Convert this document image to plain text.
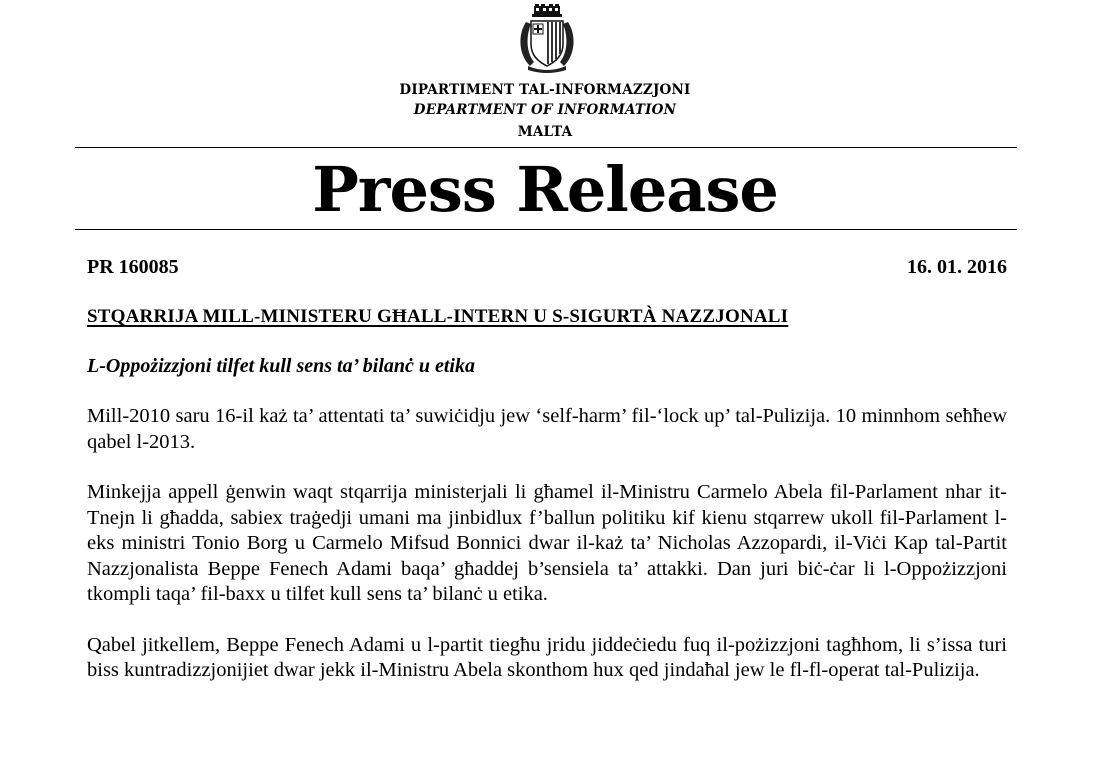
DIPARTIMENT TAL-INFORMAZZJONI
DEPARTMENT OF INFORMATION
MALTA
Press Release
PR 160085	16. 01. 2016
STQARRIJA MILL-MINISTERU GĦALL-INTERN U S-SIGURTÀ NAZZJONALI
L-Oppożizzjoni tilfet kull sens ta’ bilanċ u etika

Mill-2010 saru 16-il każ ta’ attentati ta’ suwiċidju jew ‘self-harm’ fil-‘lock up’ tal-Pulizija. 10 minnhom seħħew qabel l-2013.

Minkejja appell ġenwin waqt stqarrija ministerjali li għamel il-Ministru Carmelo Abela fil-Parlament nhar it-Tnejn li għadda, sabiex traġedji umani ma jinbidlux f’ballun politiku kif kienu stqarrew ukoll fil-Parlament l-eks ministri Tonio Borg u Carmelo Mifsud Bonnici dwar il-każ ta’ Nicholas Azzopardi, il-Viċi Kap tal-Partit Nazzjonalista Beppe Fenech Adami baqa’ għaddej b’sensiela ta’ attakki. Dan juri biċ-ċar li l-Oppożizzjoni tkompli taqa’ fil-baxx u tilfet kull sens ta’ bilanċ u etika.

Qabel jitkellem, Beppe Fenech Adami u l-partit tiegħu jridu jiddeċiedu fuq il-pożizzjoni tagħhom, li s’issa turi biss kuntradizzjonijiet dwar jekk il-Ministru Abela skonthom hux qed jindaħal jew le fl-fl-operat tal-Pulizija.
